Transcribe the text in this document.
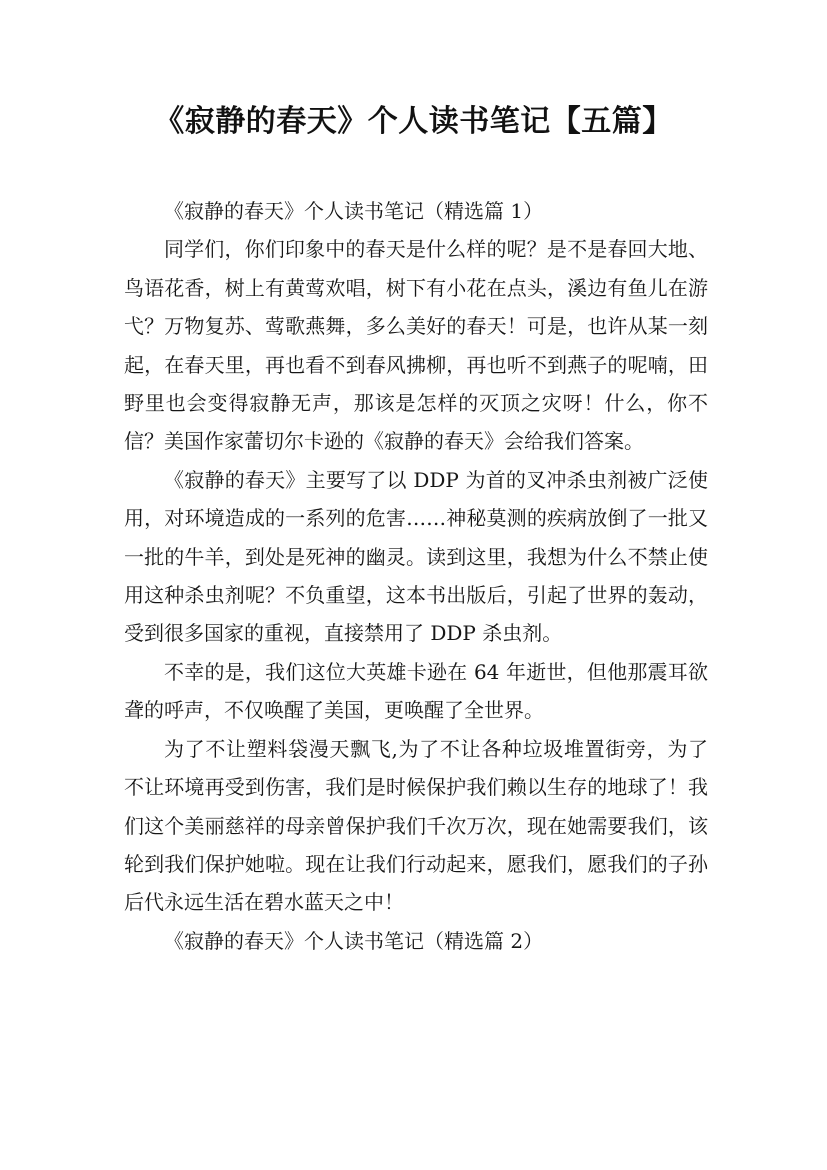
《寂静的春天》个人读书笔记【五篇】

《寂静的春天》个人读书笔记（精选篇 1）

同学们，你们印象中的春天是什么样的呢？是不是春回大地、鸟语花香，树上有黄莺欢唱，树下有小花在点头，溪边有鱼儿在游弋？万物复苏、莺歌燕舞，多么美好的春天！可是，也许从某一刻起，在春天里，再也看不到春风拂柳，再也听不到燕子的呢喃，田野里也会变得寂静无声，那该是怎样的灭顶之灾呀！什么，你不信？美国作家蕾切尔卡逊的《寂静的春天》会给我们答案。

《寂静的春天》主要写了以 DDP 为首的叉冲杀虫剂被广泛使用，对环境造成的一系列的危害……神秘莫测的疾病放倒了一批又一批的牛羊，到处是死神的幽灵。读到这里，我想为什么不禁止使用这种杀虫剂呢？不负重望，这本书出版后，引起了世界的轰动，受到很多国家的重视，直接禁用了 DDP 杀虫剂。

不幸的是，我们这位大英雄卡逊在 64 年逝世，但他那震耳欲聋的呼声，不仅唤醒了美国，更唤醒了全世界。

为了不让塑料袋漫天飘飞,为了不让各种垃圾堆置街旁，为了不让环境再受到伤害，我们是时候保护我们赖以生存的地球了！我们这个美丽慈祥的母亲曾保护我们千次万次，现在她需要我们，该轮到我们保护她啦。现在让我们行动起来，愿我们，愿我们的子孙后代永远生活在碧水蓝天之中！

《寂静的春天》个人读书笔记（精选篇 2）
